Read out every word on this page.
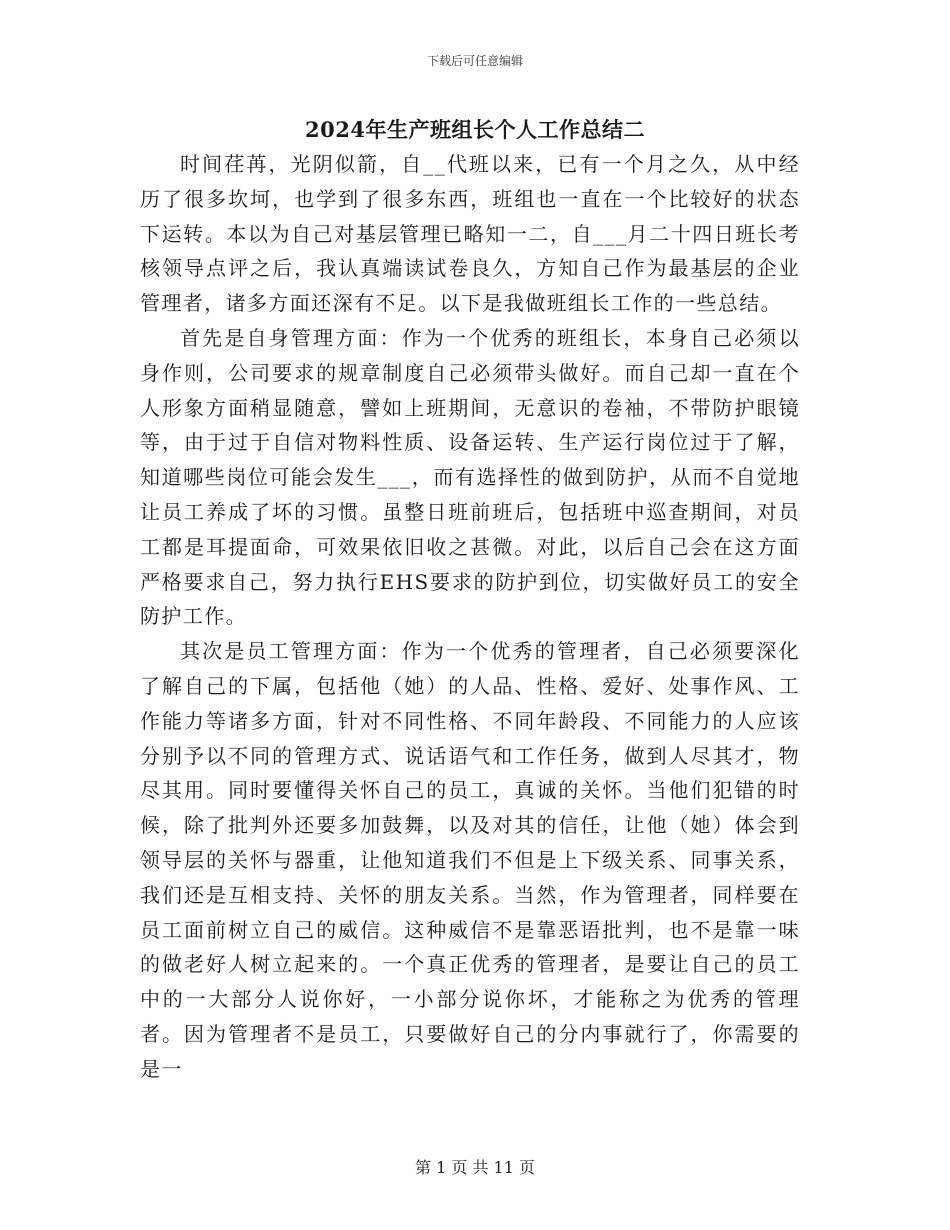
下载后可任意编辑
2024年生产班组长个人工作总结二

时间荏苒，光阴似箭，自__代班以来，已有一个月之久，从中经历了很多坎坷，也学到了很多东西，班组也一直在一个比较好的状态下运转。本以为自己对基层管理已略知一二，自___月二十四日班长考核领导点评之后，我认真端读试卷良久，方知自己作为最基层的企业管理者，诸多方面还深有不足。以下是我做班组长工作的一些总结。

首先是自身管理方面：作为一个优秀的班组长，本身自己必须以身作则，公司要求的规章制度自己必须带头做好。而自己却一直在个人形象方面稍显随意，譬如上班期间，无意识的卷袖，不带防护眼镜等，由于过于自信对物料性质、设备运转、生产运行岗位过于了解，知道哪些岗位可能会发生___，而有选择性的做到防护，从而不自觉地让员工养成了坏的习惯。虽整日班前班后，包括班中巡查期间，对员工都是耳提面命，可效果依旧收之甚微。对此，以后自己会在这方面严格要求自己，努力执行EHS要求的防护到位，切实做好员工的安全防护工作。

其次是员工管理方面：作为一个优秀的管理者，自己必须要深化了解自己的下属，包括他（她）的人品、性格、爱好、处事作风、工作能力等诸多方面，针对不同性格、不同年龄段、不同能力的人应该分别予以不同的管理方式、说话语气和工作任务，做到人尽其才，物尽其用。同时要懂得关怀自己的员工，真诚的关怀。当他们犯错的时候，除了批判外还要多加鼓舞，以及对其的信任，让他（她）体会到领导层的关怀与器重，让他知道我们不但是上下级关系、同事关系，我们还是互相支持、关怀的朋友关系。当然，作为管理者，同样要在员工面前树立自己的威信。这种威信不是靠恶语批判，也不是靠一味的做老好人树立起来的。一个真正优秀的管理者，是要让自己的员工中的一大部分人说你好，一小部分说你坏，才能称之为优秀的管理者。因为管理者不是员工，只要做好自己的分内事就行了，你需要的是一

第 1 页 共 11 页
